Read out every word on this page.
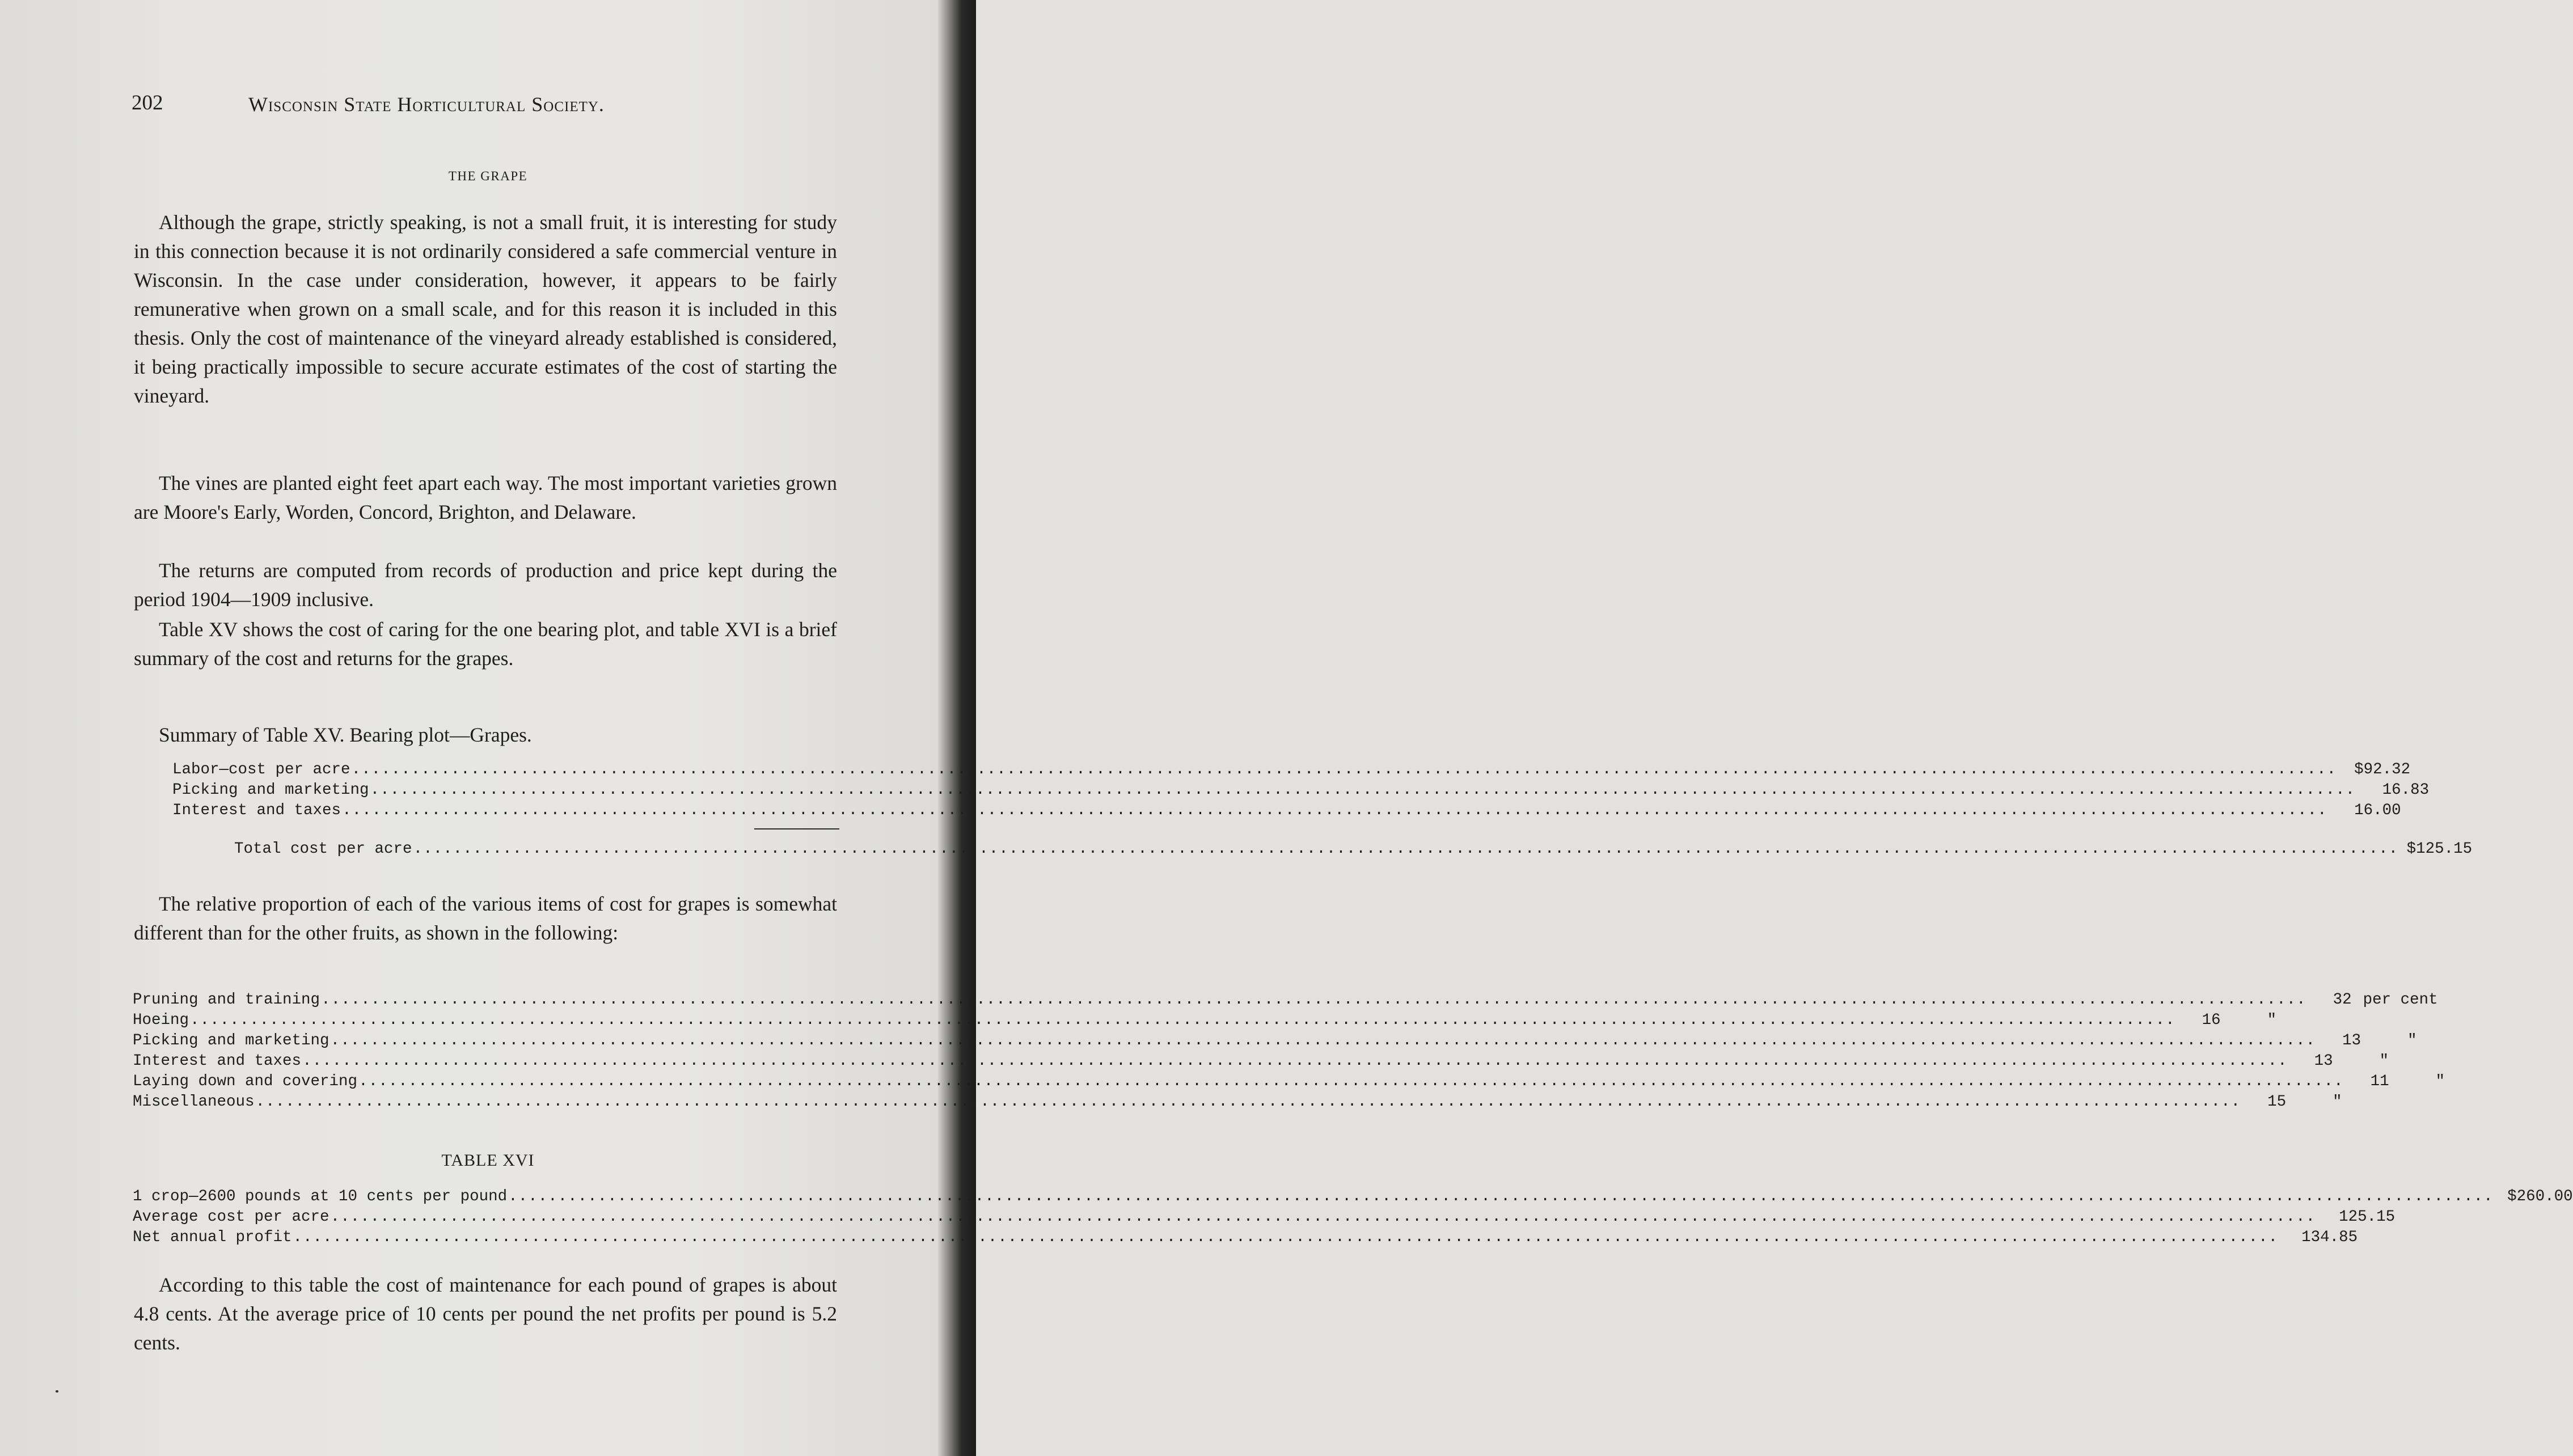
202	Wisconsin State Horticultural Society.
THE GRAPE

Although the grape, strictly speaking, is not a small fruit, it is interesting for study in this connection because it is not ordinarily considered a safe commercial venture in Wisconsin. In the case under consideration, however, it appears to be fairly remunerative when grown on a small scale, and for this reason it is included in this thesis. Only the cost of maintenance of the vineyard already established is considered, it being practically impossible to secure accurate estimates of the cost of starting the vineyard.

The vines are planted eight feet apart each way. The most important varieties grown are Moore's Early, Worden, Concord, Brighton, and Delaware.

The returns are computed from records of production and price kept during the period 1904—1909 inclusive.

Table XV shows the cost of caring for the one bearing plot, and table XVI is a brief summary of the cost and returns for the grapes.

Summary of Table XV. Bearing plot—Grapes.
Labor—cost per acre ........................................................................................................................................................................................................	$92.32
Picking and marketing ........................................................................................................................................................................................................	16.83
Interest and taxes ........................................................................................................................................................................................................	16.00
Total cost per acre ........................................................................................................................................................................................................ $125.15

The relative proportion of each of the various items of cost for grapes is somewhat different than for the other fruits, as shown in the following:

Pruning and training ........................................................................................................................................................................................................	32 per cent
Hoeing ........................................................................................................................................................................................................	16	"
Picking and marketing ........................................................................................................................................................................................................	13	"
Interest and taxes ........................................................................................................................................................................................................	13	"
Laying down and covering ........................................................................................................................................................................................................	11	"
Miscellaneous ........................................................................................................................................................................................................	15	"
TABLE XVI
1 crop—2600 pounds at 10 cents per pound ........................................................................................................................................................................................................ $260.00
Average cost per acre ........................................................................................................................................................................................................	125.15
Net annual profit ........................................................................................................................................................................................................	134.85

According to this table the cost of maintenance for each pound of grapes is about 4.8 cents. At the average price of 10 cents per pound the net profits per pound is 5.2 cents.
